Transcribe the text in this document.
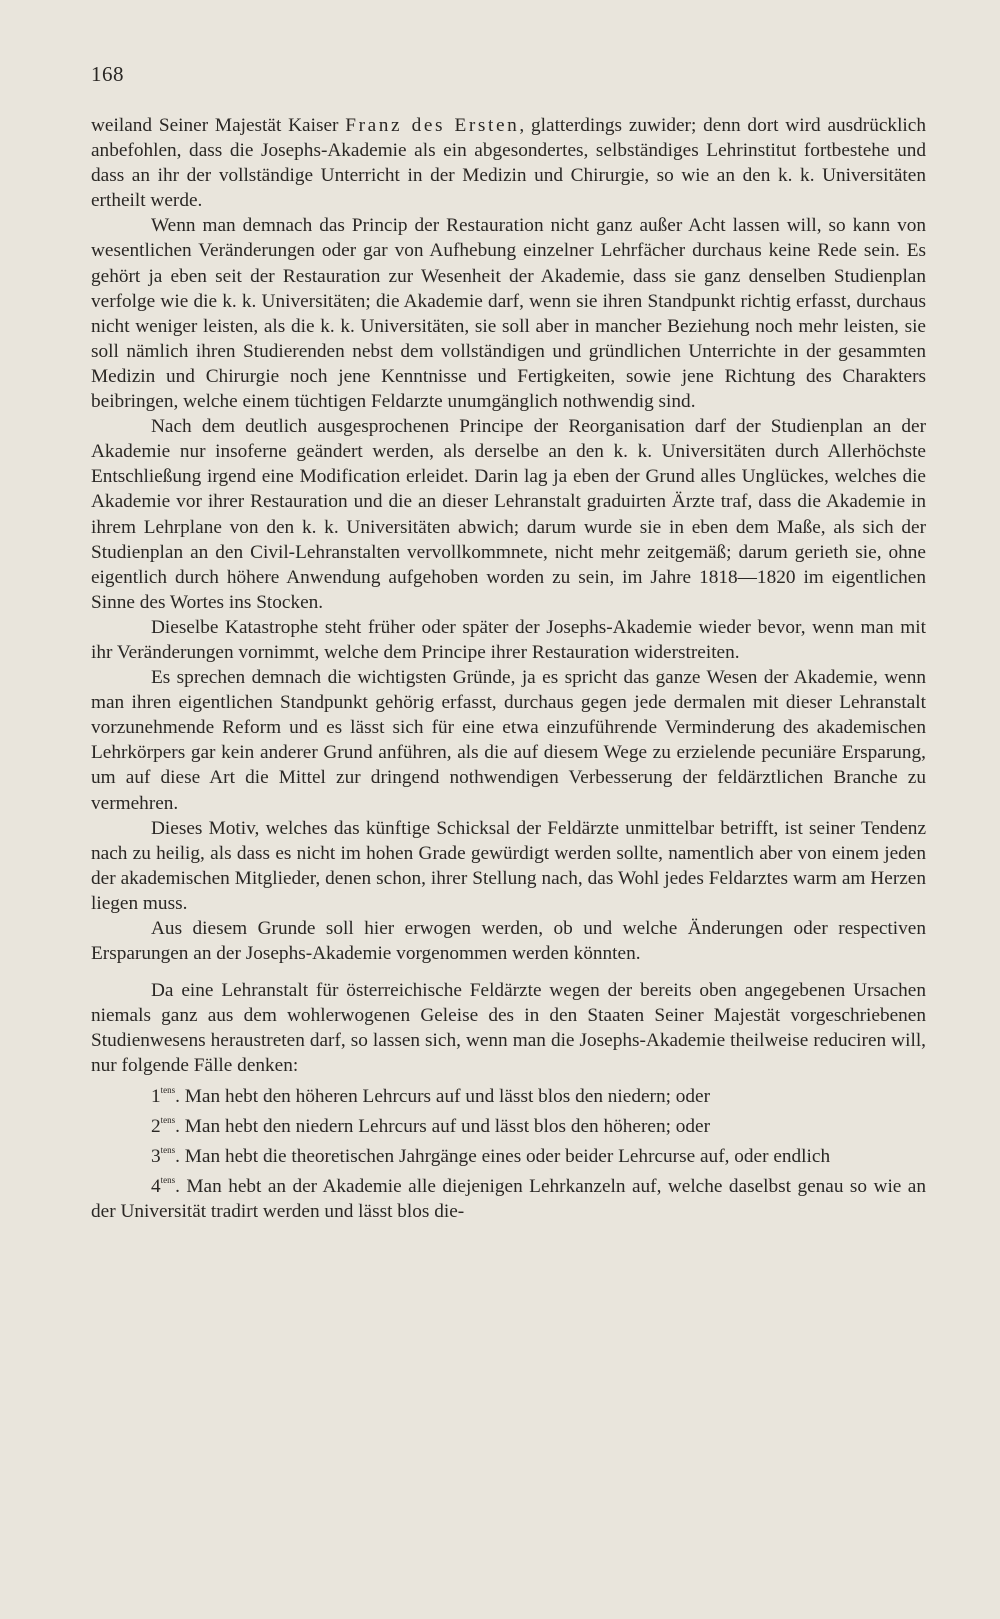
168

weiland Seiner Majestät Kaiser Franz des Ersten, glatterdings zuwider; denn dort wird ausdrücklich anbefohlen, dass die Josephs-Akademie als ein abgesondertes, selbständiges Lehrinstitut fortbestehe und dass an ihr der vollständige Unterricht in der Medizin und Chirurgie, so wie an den k. k. Universitäten ertheilt werde.

Wenn man demnach das Princip der Restauration nicht ganz außer Acht lassen will, so kann von wesentlichen Veränderungen oder gar von Aufhebung einzelner Lehrfächer durchaus keine Rede sein. Es gehört ja eben seit der Restauration zur Wesenheit der Akademie, dass sie ganz denselben Studienplan verfolge wie die k. k. Universitäten; die Akademie darf, wenn sie ihren Standpunkt richtig erfasst, durchaus nicht weniger leisten, als die k. k. Universitäten, sie soll aber in mancher Beziehung noch mehr leisten, sie soll nämlich ihren Studierenden nebst dem vollständigen und gründlichen Unterrichte in der gesammten Medizin und Chirurgie noch jene Kenntnisse und Fertigkeiten, sowie jene Richtung des Charakters beibringen, welche einem tüchtigen Feldarzte unumgänglich nothwendig sind.

Nach dem deutlich ausgesprochenen Principe der Reorganisation darf der Studienplan an der Akademie nur insoferne geändert werden, als derselbe an den k. k. Universitäten durch Allerhöchste Entschließung irgend eine Modification erleidet. Darin lag ja eben der Grund alles Unglückes, welches die Akademie vor ihrer Restauration und die an dieser Lehranstalt graduirten Ärzte traf, dass die Akademie in ihrem Lehrplane von den k. k. Universitäten abwich; darum wurde sie in eben dem Maße, als sich der Studienplan an den Civil-Lehranstalten vervollkommnete, nicht mehr zeitgemäß; darum gerieth sie, ohne eigentlich durch höhere Anwendung aufgehoben worden zu sein, im Jahre 1818—1820 im eigentlichen Sinne des Wortes ins Stocken.

Dieselbe Katastrophe steht früher oder später der Josephs-Akademie wieder bevor, wenn man mit ihr Veränderungen vornimmt, welche dem Principe ihrer Restauration widerstreiten.

Es sprechen demnach die wichtigsten Gründe, ja es spricht das ganze Wesen der Akademie, wenn man ihren eigentlichen Standpunkt gehörig erfasst, durchaus gegen jede dermalen mit dieser Lehranstalt vorzunehmende Reform und es lässt sich für eine etwa einzuführende Verminderung des akademischen Lehrkörpers gar kein anderer Grund anführen, als die auf diesem Wege zu erzielende pecuniäre Ersparung, um auf diese Art die Mittel zur dringend nothwendigen Verbesserung der feldärztlichen Branche zu vermehren.

Dieses Motiv, welches das künftige Schicksal der Feldärzte unmittelbar betrifft, ist seiner Tendenz nach zu heilig, als dass es nicht im hohen Grade gewürdigt werden sollte, namentlich aber von einem jeden der akademischen Mitglieder, denen schon, ihrer Stellung nach, das Wohl jedes Feldarztes warm am Herzen liegen muss.

Aus diesem Grunde soll hier erwogen werden, ob und welche Änderungen oder respectiven Ersparungen an der Josephs-Akademie vorgenommen werden könnten.

Da eine Lehranstalt für österreichische Feldärzte wegen der bereits oben angegebenen Ursachen niemals ganz aus dem wohlerwogenen Geleise des in den Staaten Seiner Majestät vorgeschriebenen Studienwesens heraustreten darf, so lassen sich, wenn man die Josephs-Akademie theilweise reduciren will, nur folgende Fälle denken:

$1^{tens}$. Man hebt den höheren Lehrcurs auf und lässt blos den niedern; oder

$2^{tens}$. Man hebt den niedern Lehrcurs auf und lässt blos den höheren; oder

$3^{tens}$. Man hebt die theoretischen Jahrgänge eines oder beider Lehrcurse auf, oder endlich

$4^{tens}$. Man hebt an der Akademie alle diejenigen Lehrkanzeln auf, welche daselbst genau so wie an der Universität tradirt werden und lässt blos die-
